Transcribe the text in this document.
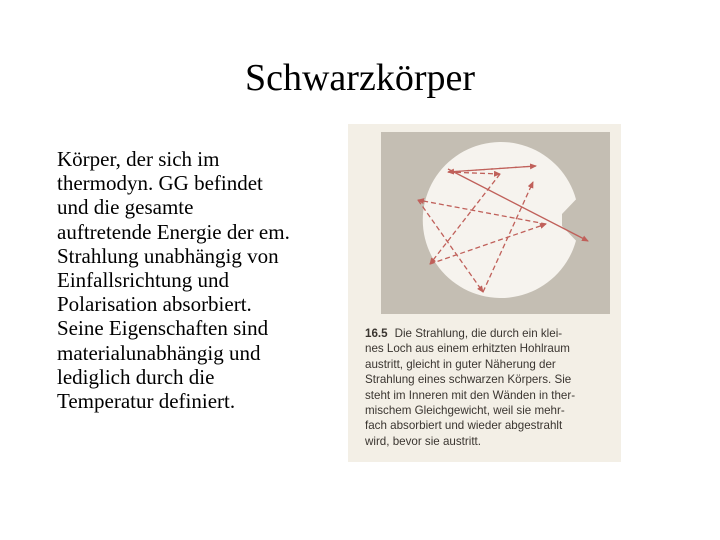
Schwarzkörper

Körper, der sich im
thermodyn. GG befindet
und die gesamte
auftretende Energie der em.
Strahlung unabhängig von
Einfallsrichtung und
Polarisation absorbiert.
Seine Eigenschaften sind
materialunabhängig und
lediglich durch die
Temperatur definiert.

16.5 Die Strahlung, die durch ein klei-
nes Loch aus einem erhitzten Hohlraum
austritt, gleicht in guter Näherung der
Strahlung eines schwarzen Körpers. Sie
steht im Inneren mit den Wänden in ther-
mischem Gleichgewicht, weil sie mehr-
fach absorbiert und wieder abgestrahlt
wird, bevor sie austritt.
